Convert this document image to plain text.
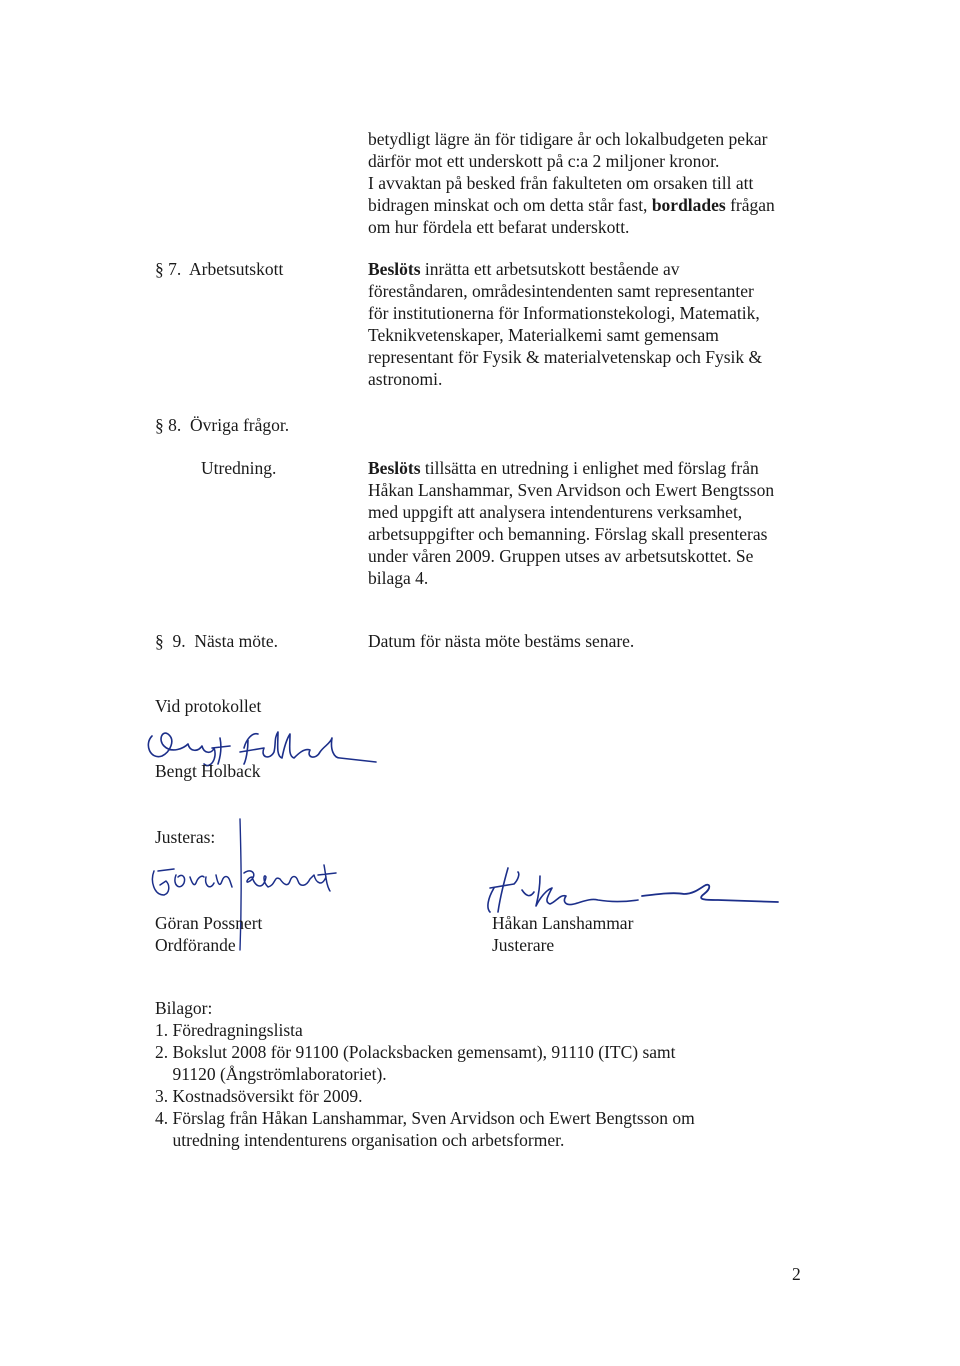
betydligt lägre än för tidigare år och lokalbudgeten pekar
därför mot ett underskott på c:a 2 miljoner kronor.
I avvaktan på besked från fakulteten om orsaken till att
bidragen minskat och om detta står fast, bordlades frågan
om hur fördela ett befarat underskott.
§ 7.  Arbetsutskott	Beslöts inrätta ett arbetsutskott bestående av
föreståndaren, områdesintendenten samt representanter
för institutionerna för Informationstekologi, Matematik,
Teknikvetenskaper, Materialkemi samt gemensam
representant för Fysik & materialvetenskap och Fysik &
astronomi.
§ 8.  Övriga frågor.
Utredning.	Beslöts tillsätta en utredning i enlighet med förslag från
Håkan Lanshammar, Sven Arvidson och Ewert Bengtsson
med uppgift att analysera intendenturens verksamhet,
arbetsuppgifter och bemanning. Förslag skall presenteras
under våren 2009. Gruppen utses av arbetsutskottet. Se
bilaga 4.
§  9.  Nästa möte.	Datum för nästa möte bestäms senare.
Vid protokollet
Bengt Holback
Justeras:
Göran Possnert
Ordförande
Håkan Lanshammar
Justerare
Bilagor:
1. Föredragningslista
2. Bokslut 2008 för 91100 (Polacksbacken gemensamt), 91110 (ITC) samt
91120 (Ångströmlaboratoriet).
3. Kostnadsöversikt för 2009.
4. Förslag från Håkan Lanshammar, Sven Arvidson och Ewert Bengtsson om
utredning intendenturens organisation och arbetsformer.
2
